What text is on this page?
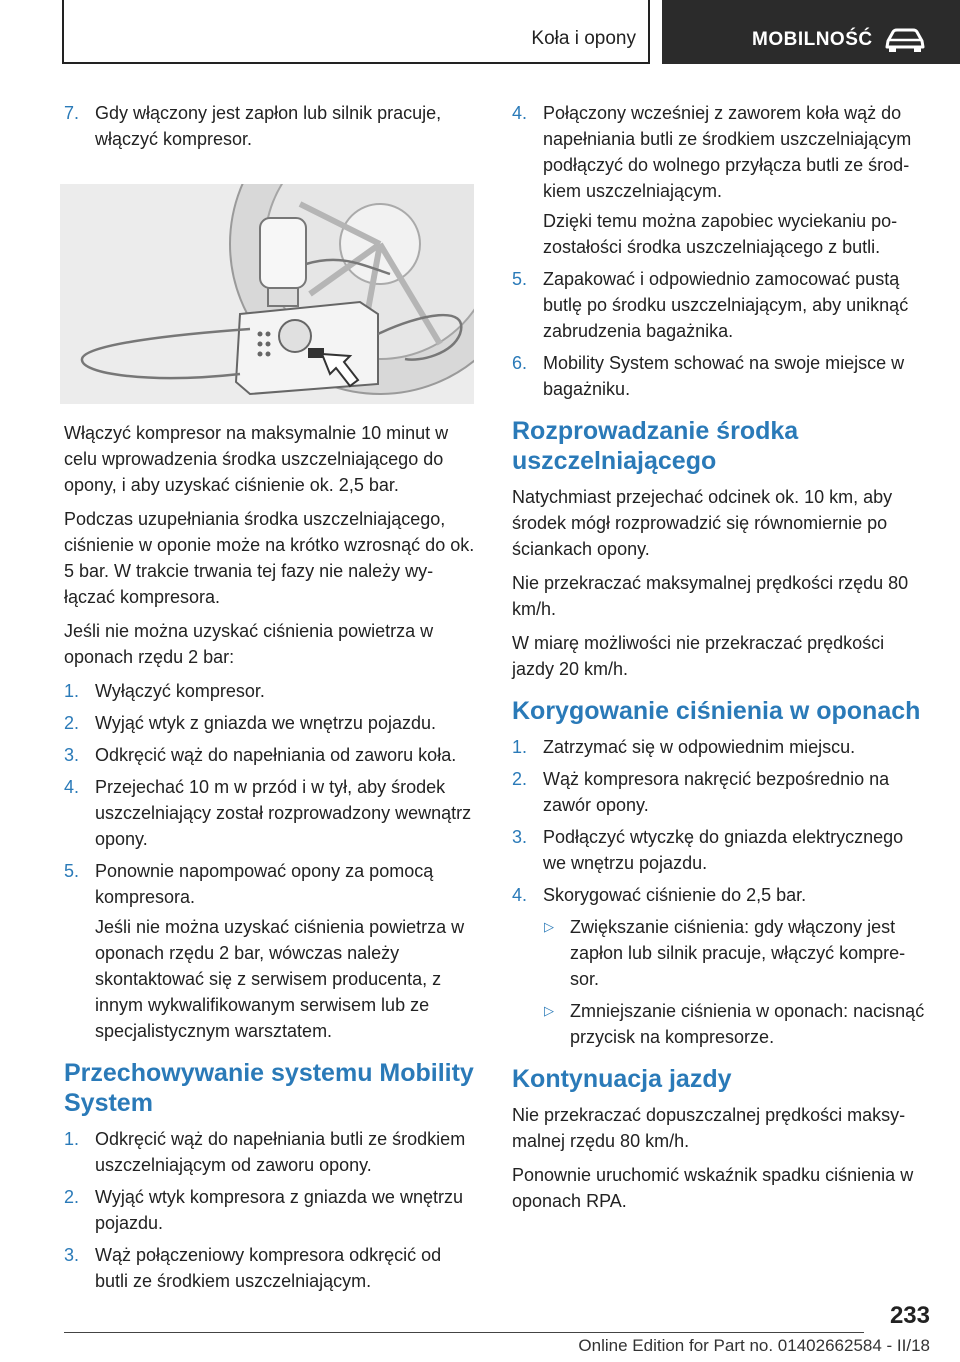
Koła i opony	MOBILNOŚĆ
7. Gdy włączony jest zapłon lub silnik pracuje, włączyć kompresor.

Włączyć kompresor na maksymalnie 10 minut w celu wprowadzenia środka uszczelniającego do opony, i aby uzyskać ciśnienie ok. 2,5 bar.

Podczas uzupełniania środka uszczelniającego, ciśnienie w oponie może na krótko wzrosnąć do ok. 5 bar. W trakcie trwania tej fazy nie należy wyłączać kompresora.

Jeśli nie można uzyskać ciśnienia powietrza w oponach rzędu 2 bar:

1. Wyłączyć kompresor.
2. Wyjąć wtyk z gniazda we wnętrzu pojazdu.
3. Odkręcić wąż do napełniania od zaworu koła.
4. Przejechać 10 m w przód i w tył, aby środek uszczelniający został rozprowadzony wewnątrz opony.
5. Ponownie napompować opony za pomocą kompresora.

Jeśli nie można uzyskać ciśnienia powietrza w oponach rzędu 2 bar, wówczas należy skontaktować się z serwisem producenta, z innym wykwalifikowanym serwisem lub ze specjalistycznym warsztatem.

Przechowywanie systemu Mobility System
1. Odkręcić wąż do napełniania butli ze środkiem uszczelniającym od zaworu opony.
2. Wyjąć wtyk kompresora z gniazda we wnętrzu pojazdu.
3. Wąż połączeniowy kompresora odkręcić od butli ze środkiem uszczelniającym.
4. Połączony wcześniej z zaworem koła wąż do napełniania butli ze środkiem uszczelniającym podłączyć do wolnego przyłącza butli ze środkiem uszczelniającym.

Dzięki temu można zapobiec wyciekaniu pozostałości środka uszczelniającego z butli.

5. Zapakować i odpowiednio zamocować pustą butlę po środku uszczelniającym, aby uniknąć zabrudzenia bagażnika.
6. Mobility System schować na swoje miejsce w bagażniku.
Rozprowadzanie środka uszczelniającego

Natychmiast przejechać odcinek ok. 10 km, aby środek mógł rozprowadzić się równomiernie po ściankach opony.

Nie przekraczać maksymalnej prędkości rzędu 80 km/h.

W miarę możliwości nie przekraczać prędkości jazdy 20 km/h.

Korygowanie ciśnienia w oponach
1. Zatrzymać się w odpowiednim miejscu.
2. Wąż kompresora nakręcić bezpośrednio na zawór opony.
3. Podłączyć wtyczkę do gniazda elektrycznego we wnętrzu pojazdu.
4. Skorygować ciśnienie do 2,5 bar.
▷ Zwiększanie ciśnienia: gdy włączony jest zapłon lub silnik pracuje, włączyć kompresor.
▷ Zmniejszanie ciśnienia w oponach: nacisnąć przycisk na kompresorze.
Kontynuacja jazdy

Nie przekraczać dopuszczalnej prędkości maksymalnej rzędu 80 km/h.

Ponownie uruchomić wskaźnik spadku ciśnienia w oponach RPA.

233
Online Edition for Part no. 01402662584 - II/18
